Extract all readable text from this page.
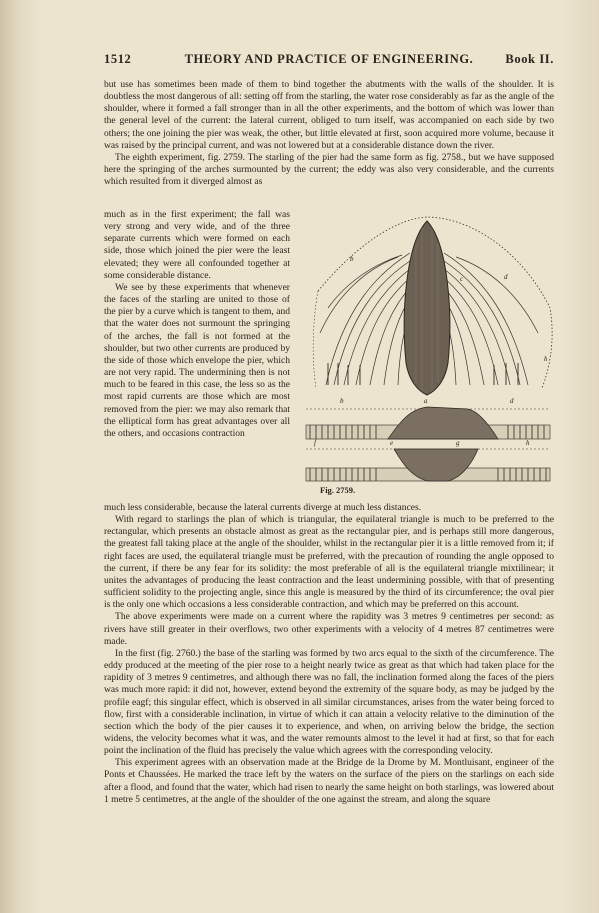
1512	THEORY AND PRACTICE OF ENGINEERING.	Book II.

but use has sometimes been made of them to bind together the abutments with the walls of the shoulder. It is doubtless the most dangerous of all: setting off from the starling, the water rose considerably as far as the angle of the shoulder, where it formed a fall stronger than in all the other experiments, and the bottom of which was lower than the general level of the current: the lateral current, obliged to turn itself, was accompanied on each side by two others; the one joining the pier was weak, the other, but little elevated at first, soon acquired more volume, because it was raised by the principal current, and was not lowered but at a considerable distance down the river.

The eighth experiment, fig. 2759. The starling of the pier had the same form as fig. 2758., but we have supposed here the springing of the arches surmounted by the current; the eddy was also very considerable, and the currents which resulted from it diverged almost as

much as in the first experiment; the fall was very strong and very wide, and of the three separate currents which were formed on each side, those which joined the pier were the least elevated; they were all confounded together at some considerable distance.

We see by these experiments that whenever the faces of the starling are united to those of the pier by a curve which is tangent to them, and that the water does not surmount the springing of the arches, the fall is not formed at the shoulder, but two other currents are produced by the side of those which envelope the pier, which are not very rapid. The undermining then is not much to be feared in this case, the less so as the most rapid currents are those which are most removed from the pier: we may also remark that the elliptical form has great advantages over all the others, and occasions contraction

b
c	d
h
b	a	d
f	e	g	h
Fig. 2759.

much less considerable, because the lateral currents diverge at much less distances.

With regard to starlings the plan of which is triangular, the equilateral triangle is much to be preferred to the rectangular, which presents an obstacle almost as great as the rectangular pier, and is perhaps still more dangerous, the greatest fall taking place at the angle of the shoulder, whilst in the rectangular pier it is a little removed from it; if right faces are used, the equilateral triangle must be preferred, with the precaution of rounding the angle opposed to the current, if there be any fear for its solidity: the most preferable of all is the equilateral triangle mixtilinear; it unites the advantages of producing the least contraction and the least undermining possible, with that of presenting sufficient solidity to the projecting angle, since this angle is measured by the third of its circumference; the oval pier is the only one which occasions a less considerable contraction, and which may be preferred on this account.

The above experiments were made on a current where the rapidity was 3 metres 9 centimetres per second: as rivers have still greater in their overflows, two other experiments with a velocity of 4 metres 87 centimetres were made.

In the first (fig. 2760.) the base of the starling was formed by two arcs equal to the sixth of the circumference. The eddy produced at the meeting of the pier rose to a height nearly twice as great as that which had taken place for the rapidity of 3 metres 9 centimetres, and although there was no fall, the inclination formed along the faces of the piers was much more rapid: it did not, however, extend beyond the extremity of the square body, as may be judged by the profile eagf; this singular effect, which is observed in all similar circumstances, arises from the water being forced to flow, first with a considerable inclination, in virtue of which it can attain a velocity relative to the diminution of the section which the body of the pier causes it to experience, and when, on arriving below the bridge, the section widens, the velocity becomes what it was, and the water remounts almost to the level it had at first, so that for each point the inclination of the fluid has precisely the value which agrees with the corresponding velocity.

This experiment agrees with an observation made at the Bridge de la Drome by M. Montluisant, engineer of the Ponts et Chaussées. He marked the trace left by the waters on the surface of the piers on the starlings on each side after a flood, and found that the water, which had risen to nearly the same height on both starlings, was lowered about 1 metre 5 centimetres, at the angle of the shoulder of the one against the stream, and along the square
